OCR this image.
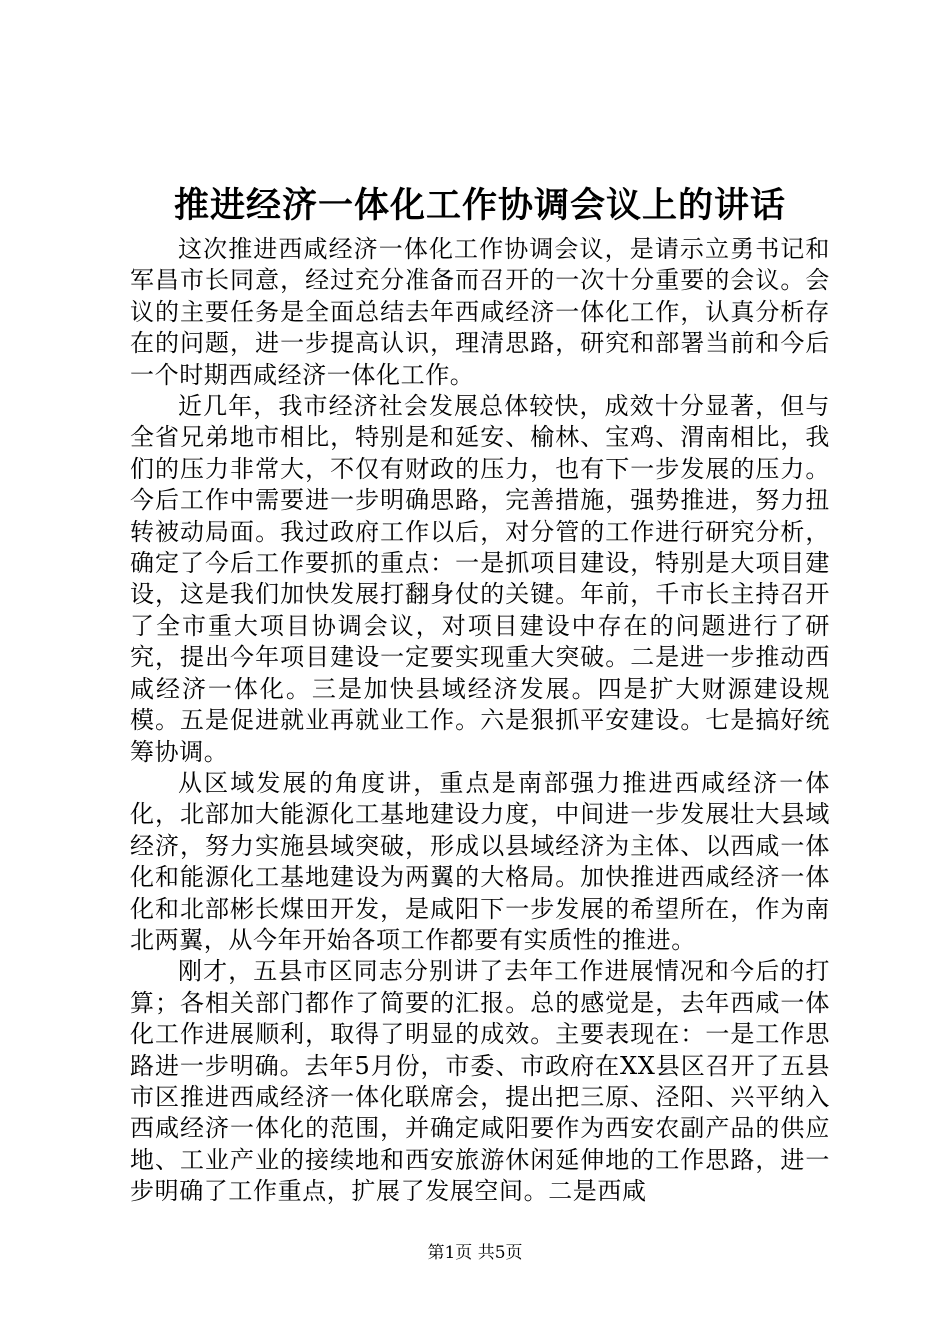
推进经济一体化工作协调会议上的讲话

这次推进西咸经济一体化工作协调会议，是请示立勇书记和军昌市长同意，经过充分准备而召开的一次十分重要的会议。会议的主要任务是全面总结去年西咸经济一体化工作，认真分析存在的问题，进一步提高认识，理清思路，研究和部署当前和今后一个时期西咸经济一体化工作。

近几年，我市经济社会发展总体较快，成效十分显著，但与全省兄弟地市相比，特别是和延安、榆林、宝鸡、渭南相比，我们的压力非常大，不仅有财政的压力，也有下一步发展的压力。今后工作中需要进一步明确思路，完善措施，强势推进，努力扭转被动局面。我过政府工作以后，对分管的工作进行研究分析，确定了今后工作要抓的重点：一是抓项目建设，特别是大项目建设，这是我们加快发展打翻身仗的关键。年前，千市长主持召开了全市重大项目协调会议，对项目建设中存在的问题进行了研究，提出今年项目建设一定要实现重大突破。二是进一步推动西咸经济一体化。三是加快县域经济发展。四是扩大财源建设规模。五是促进就业再就业工作。六是狠抓平安建设。七是搞好统筹协调。

从区域发展的角度讲，重点是南部强力推进西咸经济一体化，北部加大能源化工基地建设力度，中间进一步发展壮大县域经济，努力实施县域突破，形成以县域经济为主体、以西咸一体化和能源化工基地建设为两翼的大格局。加快推进西咸经济一体化和北部彬长煤田开发，是咸阳下一步发展的希望所在，作为南北两翼，从今年开始各项工作都要有实质性的推进。

刚才，五县市区同志分别讲了去年工作进展情况和今后的打算；各相关部门都作了简要的汇报。总的感觉是，去年西咸一体化工作进展顺利，取得了明显的成效。主要表现在：一是工作思路进一步明确。去年5月份，市委、市政府在XX县区召开了五县市区推进西咸经济一体化联席会，提出把三原、泾阳、兴平纳入西咸经济一体化的范围，并确定咸阳要作为西安农副产品的供应地、工业产业的接续地和西安旅游休闲延伸地的工作思路，进一步明确了工作重点，扩展了发展空间。二是西咸

第1页 共5页
